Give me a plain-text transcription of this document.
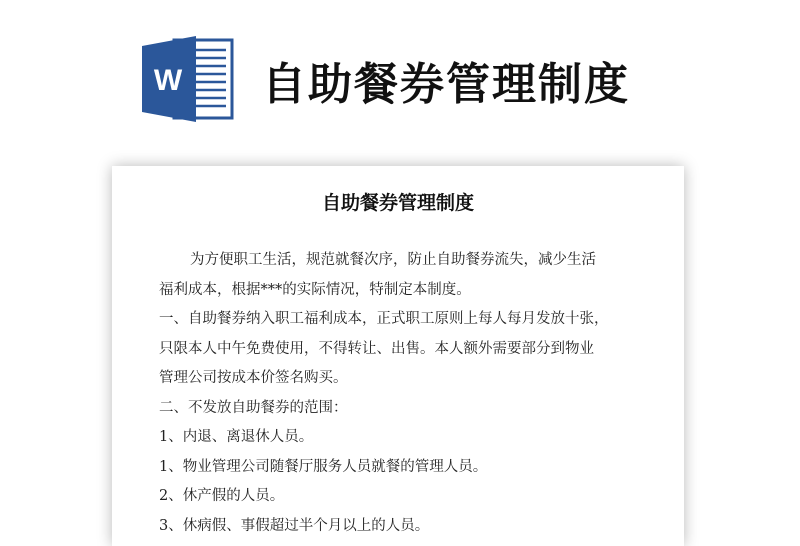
W 自助餐券管理制度
自助餐券管理制度
为方便职工生活，规范就餐次序，防止自助餐券流失，减少生活
福利成本，根据***的实际情况，特制定本制度。
一、自助餐券纳入职工福利成本，正式职工原则上每人每月发放十张，
只限本人中午免费使用，不得转让、出售。本人额外需要部分到物业
管理公司按成本价签名购买。
二、不发放自助餐券的范围：
1、内退、离退休人员。
1、物业管理公司随餐厅服务人员就餐的管理人员。
2、休产假的人员。
3、休病假、事假超过半个月以上的人员。
